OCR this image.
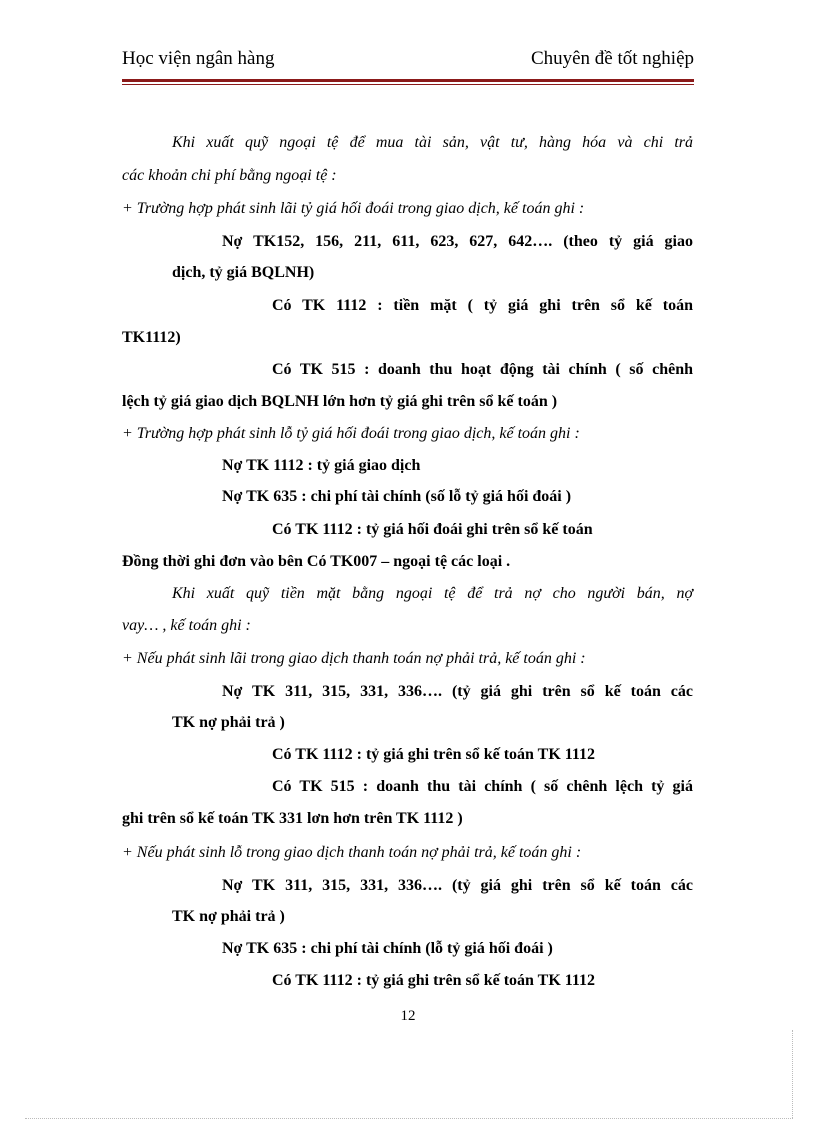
Học viện ngân hàng	Chuyên đề tốt nghiệp
Khi xuất quỹ ngoại tệ để mua tài sản, vật tư, hàng hóa và chi trả
các khoản chi phí bằng ngoại tệ :
+ Trường hợp phát sinh lãi tỷ giá hối đoái trong giao dịch, kế toán ghi :
Nợ TK152, 156, 211, 611, 623, 627, 642…. (theo tỷ giá giao
dịch, tỷ giá BQLNH)
Có TK 1112 : tiền mặt ( tỷ giá ghi trên sổ kế toán
TK1112)
Có TK 515 : doanh thu hoạt động tài chính ( số chênh
lệch tỷ giá giao dịch BQLNH lớn hơn tỷ giá ghi trên sổ kế toán )
+ Trường hợp phát sinh lỗ tỷ giá hối đoái trong giao dịch, kế toán ghi :
Nợ TK 1112 : tỷ giá giao dịch
Nợ TK 635 : chi phí tài chính (số lỗ tỷ giá hối đoái )
Có TK 1112 : tỷ giá hối đoái ghi trên sổ kế toán
Đồng thời ghi đơn vào bên Có TK007 – ngoại tệ các loại .
Khi xuất quỹ tiền mặt bằng ngoại tệ để trả nợ cho người bán, nợ
vay… , kế toán ghi :
+ Nếu phát sinh lãi trong giao dịch thanh toán nợ phải trả, kế toán ghi :
Nợ TK 311, 315, 331, 336…. (tỷ giá ghi trên sổ kế toán các
TK nợ phải trả )
Có TK 1112 : tỷ giá ghi trên sổ kế toán TK 1112
Có TK 515 : doanh thu tài chính ( số chênh lệch tỷ giá
ghi trên sổ kế toán TK 331 lơn hơn trên TK 1112 )
+ Nếu phát sinh lỗ trong giao dịch thanh toán nợ phải trả, kế toán ghi :
Nợ TK 311, 315, 331, 336…. (tỷ giá ghi trên sổ kế toán các
TK nợ phải trả )
Nợ TK 635 : chi phí tài chính (lỗ tỷ giá hối đoái )
Có TK 1112 : tỷ giá ghi trên sổ kế toán TK 1112
12
